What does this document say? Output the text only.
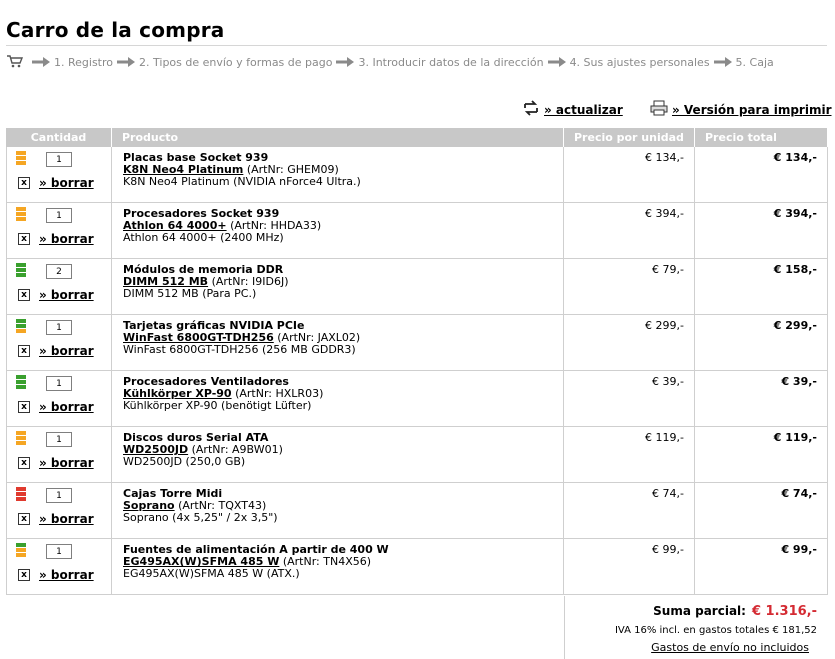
Carro de la compra
1. Registro 2. Tipos de envío y formas de pago 3. Introducir datos de la dirección 4. Sus ajustes personales 5. Caja
» actualizar	» Versión para imprimir
Cantidad	Producto	Precio por unidad	Precio total
1
x » borrar
Placas base Socket 939
K8N Neo4 Platinum (ArtNr: GHEM09)
K8N Neo4 Platinum (NVIDIA nForce4 Ultra.)
€ 134,-	€ 134,-
1
x » borrar
Procesadores Socket 939
Athlon 64 4000+ (ArtNr: HHDA33)
Athlon 64 4000+ (2400 MHz)
€ 394,-	€ 394,-
2
x » borrar
Módulos de memoria DDR
DIMM 512 MB (ArtNr: I9ID6J)
DIMM 512 MB (Para PC.)
€ 79,-	€ 158,-
1
x » borrar
Tarjetas gráficas NVIDIA PCIe
WinFast 6800GT-TDH256 (ArtNr: JAXL02)
WinFast 6800GT-TDH256 (256 MB GDDR3)
€ 299,-	€ 299,-
1
x » borrar
Procesadores Ventiladores
Kühlkörper XP-90 (ArtNr: HXLR03)
Kühlkörper XP-90 (benötigt Lüfter)
€ 39,-	€ 39,-
1
x » borrar
Discos duros Serial ATA
WD2500JD (ArtNr: A9BW01)
WD2500JD (250,0 GB)
€ 119,-	€ 119,-
1
x » borrar
Cajas Torre Midi
Soprano (ArtNr: TQXT43)
Soprano (4x 5,25" / 2x 3,5")
€ 74,-	€ 74,-
1
x » borrar
Fuentes de alimentación A partir de 400 W
EG495AX(W)SFMA 485 W (ArtNr: TN4X56)
EG495AX(W)SFMA 485 W (ATX.)
€ 99,-	€ 99,-
Suma parcial: € 1.316,-
IVA 16% incl. en gastos totales € 181,52
Gastos de envío no incluidos
